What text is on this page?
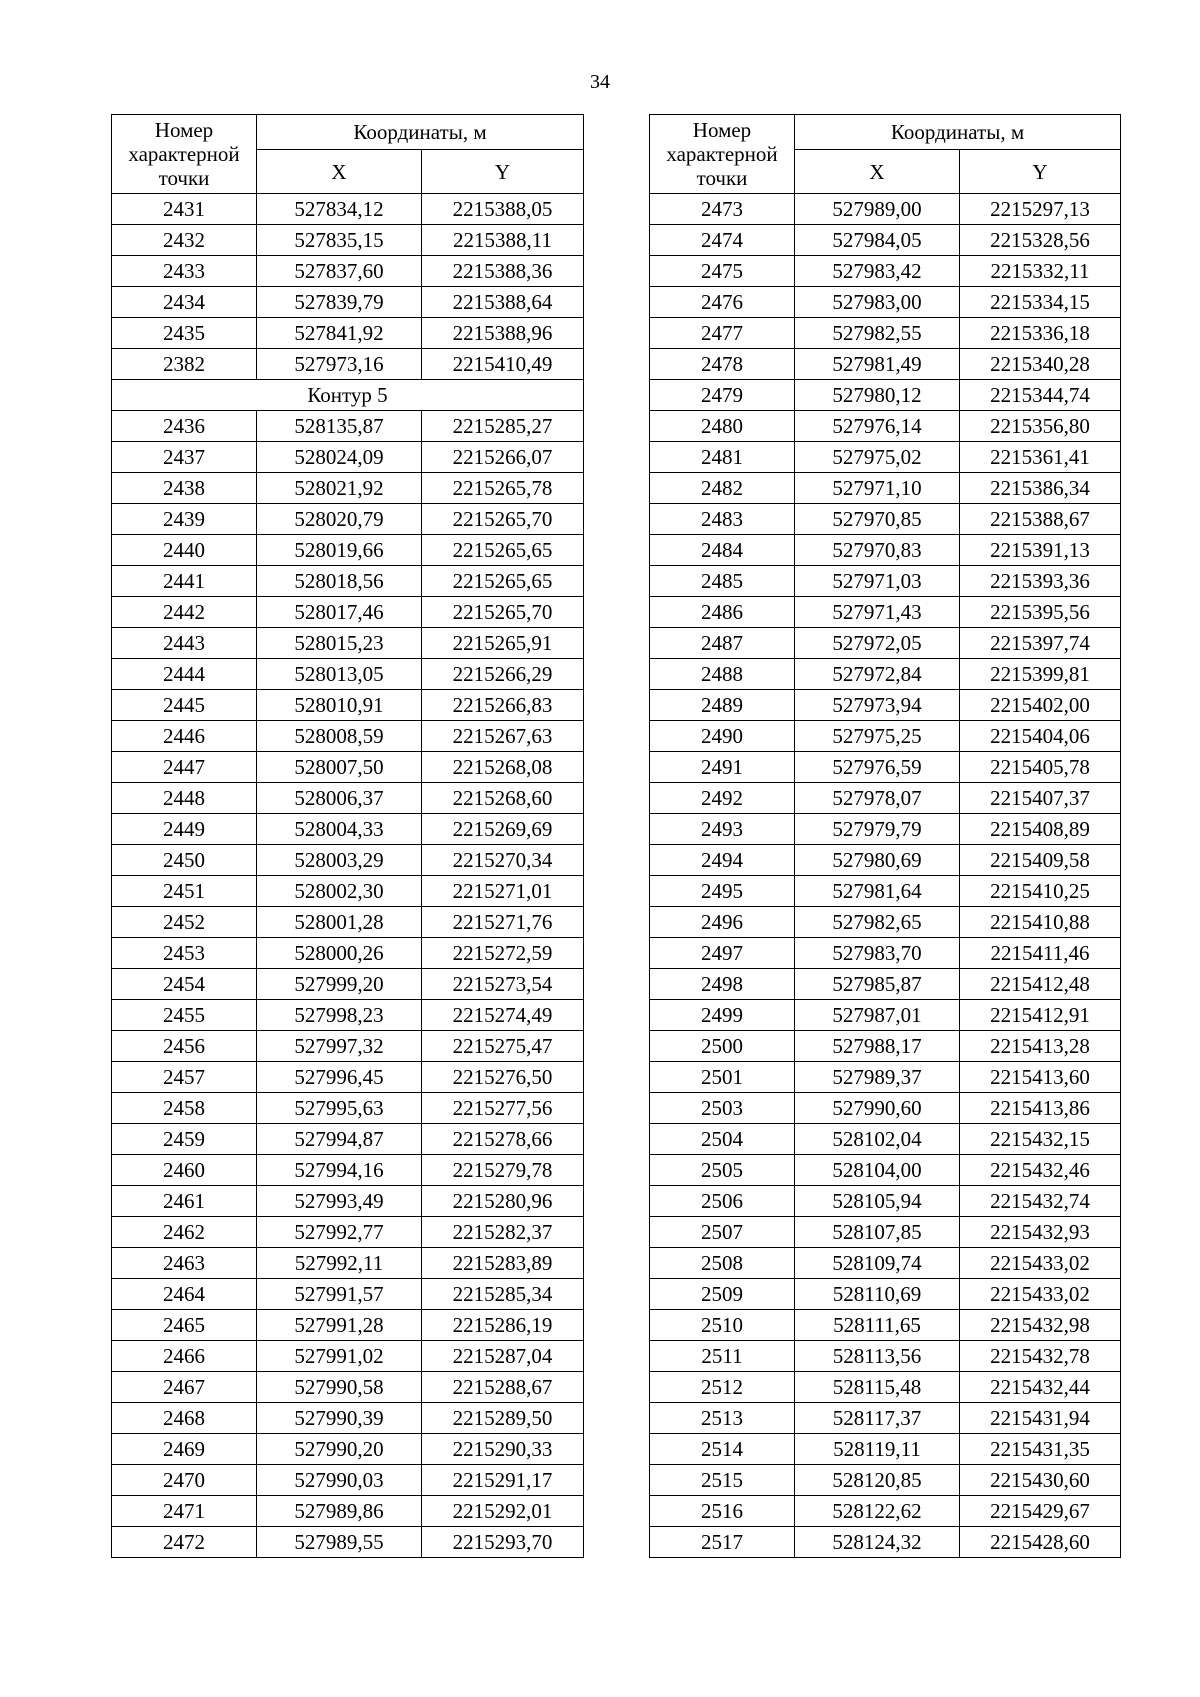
34
Номер характерной точки	Координаты, м	
	X	Y
2431	527834,12	2215388,05
2432	527835,15	2215388,11
2433	527837,60	2215388,36
2434	527839,79	2215388,64
2435	527841,92	2215388,96
2382	527973,16	2215410,49
Контур 5		
2436	528135,87	2215285,27
2437	528024,09	2215266,07
2438	528021,92	2215265,78
2439	528020,79	2215265,70
2440	528019,66	2215265,65
2441	528018,56	2215265,65
2442	528017,46	2215265,70
2443	528015,23	2215265,91
2444	528013,05	2215266,29
2445	528010,91	2215266,83
2446	528008,59	2215267,63
2447	528007,50	2215268,08
2448	528006,37	2215268,60
2449	528004,33	2215269,69
2450	528003,29	2215270,34
2451	528002,30	2215271,01
2452	528001,28	2215271,76
2453	528000,26	2215272,59
2454	527999,20	2215273,54
2455	527998,23	2215274,49
2456	527997,32	2215275,47
2457	527996,45	2215276,50
2458	527995,63	2215277,56
2459	527994,87	2215278,66
2460	527994,16	2215279,78
2461	527993,49	2215280,96
2462	527992,77	2215282,37
2463	527992,11	2215283,89
2464	527991,57	2215285,34
2465	527991,28	2215286,19
2466	527991,02	2215287,04
2467	527990,58	2215288,67
2468	527990,39	2215289,50
2469	527990,20	2215290,33
2470	527990,03	2215291,17
2471	527989,86	2215292,01
2472	527989,55	2215293,70
Номер характерной точки	Координаты, м	
	X	Y
2473	527989,00	2215297,13
2474	527984,05	2215328,56
2475	527983,42	2215332,11
2476	527983,00	2215334,15
2477	527982,55	2215336,18
2478	527981,49	2215340,28
2479	527980,12	2215344,74
2480	527976,14	2215356,80
2481	527975,02	2215361,41
2482	527971,10	2215386,34
2483	527970,85	2215388,67
2484	527970,83	2215391,13
2485	527971,03	2215393,36
2486	527971,43	2215395,56
2487	527972,05	2215397,74
2488	527972,84	2215399,81
2489	527973,94	2215402,00
2490	527975,25	2215404,06
2491	527976,59	2215405,78
2492	527978,07	2215407,37
2493	527979,79	2215408,89
2494	527980,69	2215409,58
2495	527981,64	2215410,25
2496	527982,65	2215410,88
2497	527983,70	2215411,46
2498	527985,87	2215412,48
2499	527987,01	2215412,91
2500	527988,17	2215413,28
2501	527989,37	2215413,60
2503	527990,60	2215413,86
2504	528102,04	2215432,15
2505	528104,00	2215432,46
2506	528105,94	2215432,74
2507	528107,85	2215432,93
2508	528109,74	2215433,02
2509	528110,69	2215433,02
2510	528111,65	2215432,98
2511	528113,56	2215432,78
2512	528115,48	2215432,44
2513	528117,37	2215431,94
2514	528119,11	2215431,35
2515	528120,85	2215430,60
2516	528122,62	2215429,67
2517	528124,32	2215428,60
